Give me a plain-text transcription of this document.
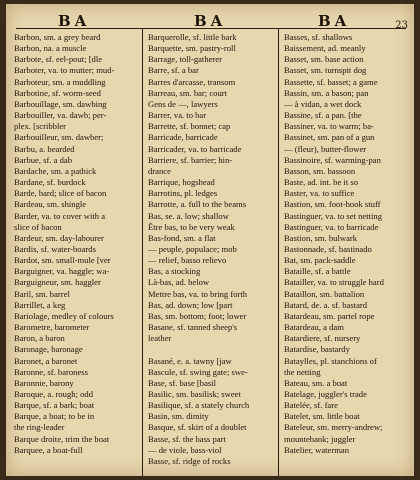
BA	BA	BA	23
Barbon, sm. a grey beard
Barbon, na. a muscle
Barbote, sf. eel-pout; [dle
Barboter, va. to mutter; mud-
Barboteur, sm. a muddling
Barbotine, sf. worm-seed
Barbouillage, sm. dawbing
Barbouiller, va. dawb; per-
plex. [scribbler
Barbouilleur, sm. dawber;
Barbu, a. bearded
Barbue, sf. a dab
Bardache, sm. a pathick
Bardane, sf. burdock
Barde, bard; slice of bacon
Bardeau, sm. shingle
Barder, va. to cover with a
slice of bacon
Bardeur, sm. day-labourer
Bardis, sf. water-boards
Bardot, sm. small-mule [ver
Barguigner, va. haggle; wa-
Barguigneur, sm. haggler
Baril, sm. barrel
Barrillet, a keg
Bariolage, medley of colours
Barometre, barometer
Baron, a baron
Baronage, baronage
Baronet, a baronet
Baronne, sf. baroness
Baronnie, barony
Baroque, a. rough; odd
Barque, sf. a bark; boat
Barque, a boat; to be in
the ring-leader
Barque droite, trim the boat
Barquee, a boat-full
Barquerolle, sf. little bark
Barquette, sm. pastry-roll
Barrage, toll-gatherer
Barre, sf. a bar
Barres d'arcasse, transom
Barreau, sm. bar; court
Gens de —, lawyers
Barrer, va. to bar
Barrette, sf. bonnet; cap
Barricade, barricade
Barricader, va. to barricade
Barriere, sf. barrier; hin-
drance
Barrique, hogshead
Barrotins, pl. ledges
Barrotte, a. full to the beams
Bas, se. a. low; shallow
Être bas, to be very weak
Bas-fond, sm. a flat
— peuple, populace; mob
— relief, basso relievo
Bas, a stocking
Là-bas, ad. below
Mettre bas, va. to bring forth
Bas, ad. down; low [part
Bas, sm. bottom; foot; lower
Basane, sf. tanned sheep's
leather

Basané, e. a. tawny [jaw
Bascule, sf. swing gate; swe-
Base, sf. base [basil
Basilic, sm. basilisk; sweet
Basilique, sf. a stately church
Basin, sm. dimity
Basque, sf. skirt of a doublet
Basse, sf. the bass part
— de viole, bass-viol
Basse, sf. ridge of rocks
Basses, sf. shallows
Baissement, ad. meanly
Basset, sm. base action
Basset, sm. turnspit dog
Bassette, sf. basset; a game
Bassin, sm. a bason; pan
— à vidan, a wet dock
Bassine, sf. a pan. [the
Bassiner, va. to warm; ba-
Bassinet, sm. pan of a gun
— (fleur), butter-flower
Bassinoire, sf. warming-pan
Basson, sm. bassoon
Baste, ad. int. be it so
Baster, va. to suffice
Bastion, sm. foot-hook stuff
Bastinguer, va. to set netting
Bastinguer, va. to barricade
Bastion, sm. bulwark
Bastonnade, sf. bastinado
Bat, sm. pack-saddle
Bataille, sf. a battle
Batailler, va. to struggle hard
Bataillon, sm. battalion
Batard, de. a. sf. bastard
Batardeau, sm. partel rope
Batardeau, a dam
Batardiere, sf. nursery
Batardise, bastardy
Bataylles, pl. stanchions of
the netting
Bateau, sm. a boat
Batelage, juggler's trade
Batelée, sf. fare
Batelet, sm. little boat
Bateleur, sm. merry-andrew;
mountebank; juggler
Batelier, waterman
